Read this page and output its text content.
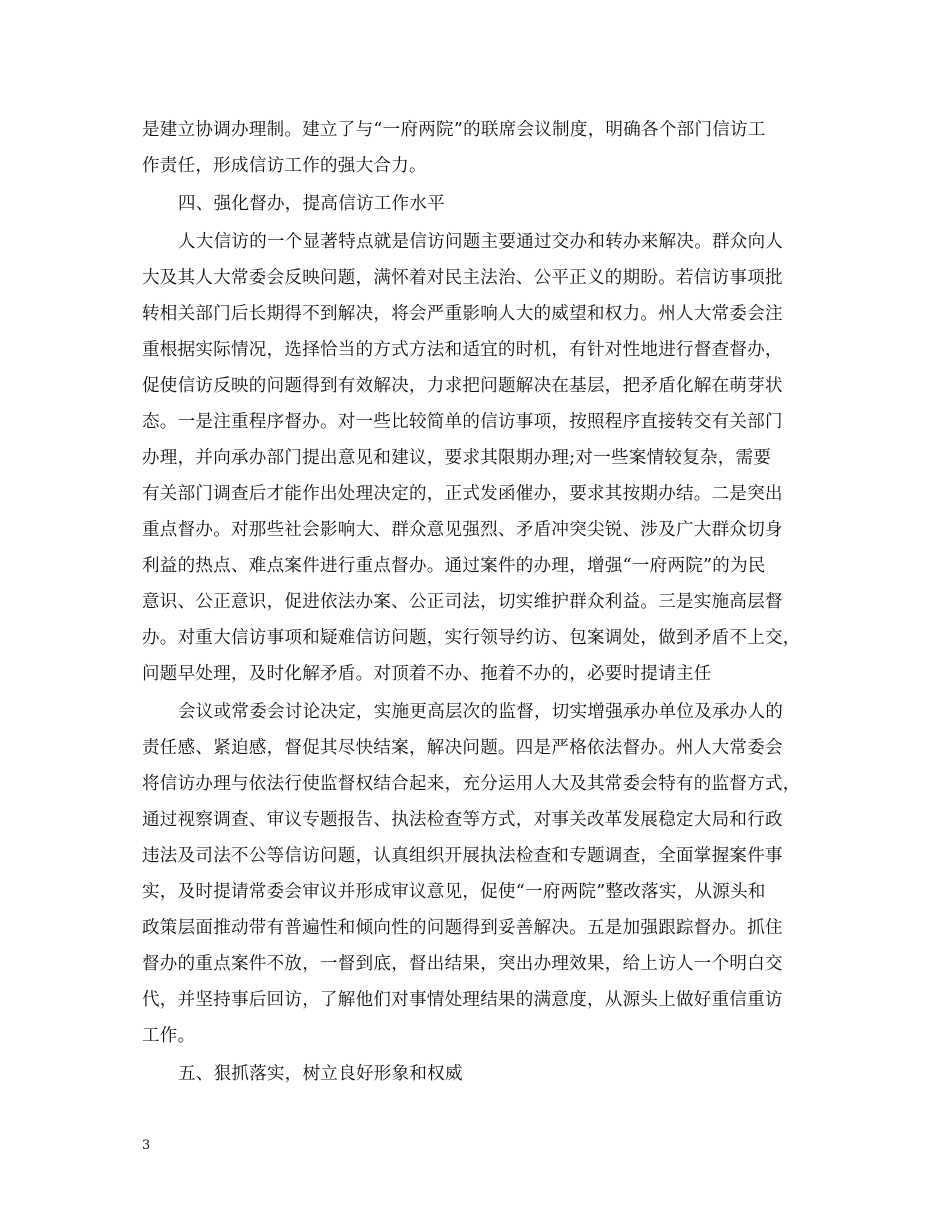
是建立协调办理制。建立了与“一府两院”的联席会议制度，明确各个部门信访工
作责任，形成信访工作的强大合力。
四、强化督办，提高信访工作水平
人大信访的一个显著特点就是信访问题主要通过交办和转办来解决。群众向人
大及其人大常委会反映问题，满怀着对民主法治、公平正义的期盼。若信访事项批
转相关部门后长期得不到解决，将会严重影响人大的威望和权力。州人大常委会注
重根据实际情况，选择恰当的方式方法和适宜的时机，有针对性地进行督查督办，
促使信访反映的问题得到有效解决，力求把问题解决在基层，把矛盾化解在萌芽状
态。一是注重程序督办。对一些比较简单的信访事项，按照程序直接转交有关部门
办理，并向承办部门提出意见和建议，要求其限期办理;对一些案情较复杂，需要
有关部门调查后才能作出处理决定的，正式发函催办，要求其按期办结。二是突出
重点督办。对那些社会影响大、群众意见强烈、矛盾冲突尖锐、涉及广大群众切身
利益的热点、难点案件进行重点督办。通过案件的办理，增强“一府两院”的为民
意识、公正意识，促进依法办案、公正司法，切实维护群众利益。三是实施高层督
办。对重大信访事项和疑难信访问题，实行领导约访、包案调处，做到矛盾不上交，
问题早处理，及时化解矛盾。对顶着不办、拖着不办的，必要时提请主任
会议或常委会讨论决定，实施更高层次的监督，切实增强承办单位及承办人的
责任感、紧迫感，督促其尽快结案，解决问题。四是严格依法督办。州人大常委会
将信访办理与依法行使监督权结合起来，充分运用人大及其常委会特有的监督方式，
通过视察调查、审议专题报告、执法检查等方式，对事关改革发展稳定大局和行政
违法及司法不公等信访问题，认真组织开展执法检查和专题调查，全面掌握案件事
实，及时提请常委会审议并形成审议意见，促使“一府两院”整改落实，从源头和
政策层面推动带有普遍性和倾向性的问题得到妥善解决。五是加强跟踪督办。抓住
督办的重点案件不放，一督到底，督出结果，突出办理效果，给上访人一个明白交
代，并坚持事后回访，了解他们对事情处理结果的满意度，从源头上做好重信重访
工作。
五、狠抓落实，树立良好形象和权威
3
